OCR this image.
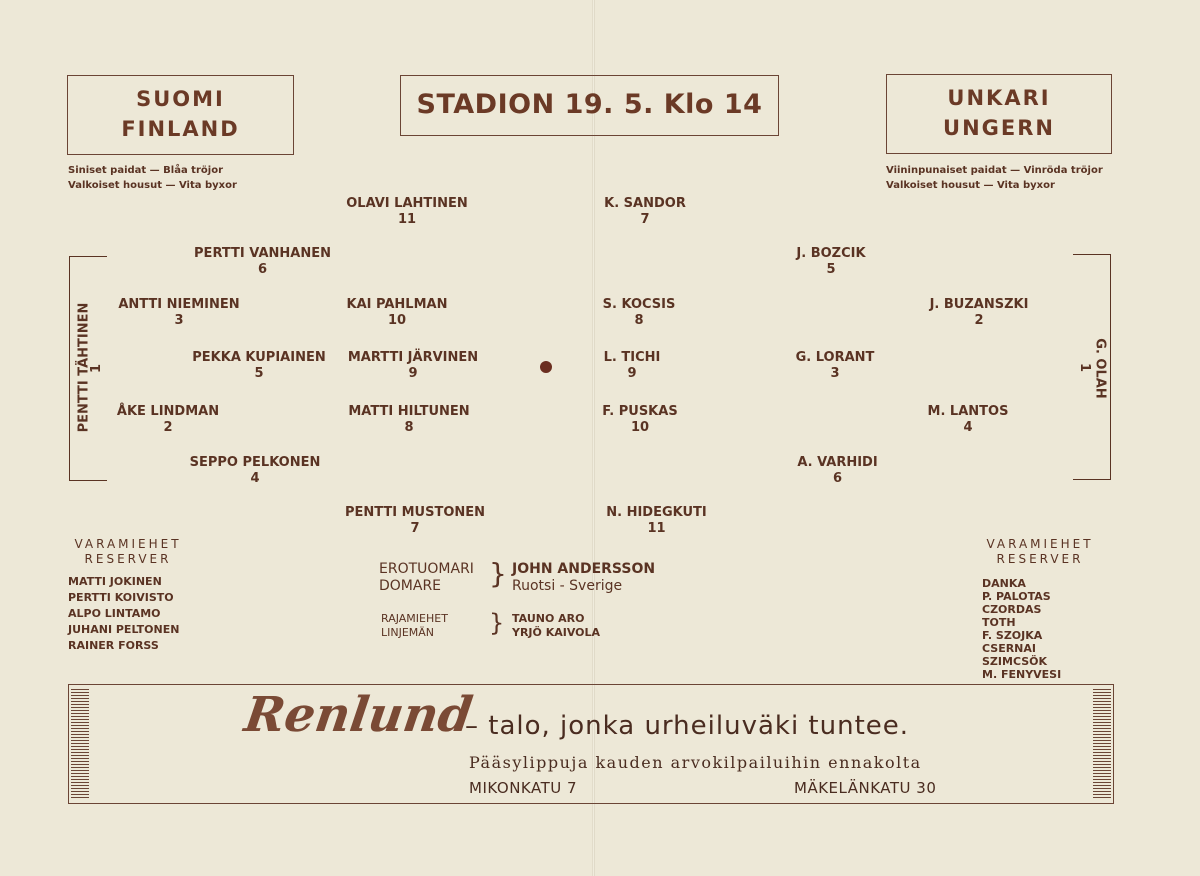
SUOMI
FINLAND
STADION 19. 5. Klo 14	UNKARI
UNGERN
Siniset paidat — Blåa tröjor
Valkoiset housut — Vita byxor
Viininpunaiset paidat — Vinröda tröjor
Valkoiset housut — Vita byxor
PENTTI TÄHTINEN
1
ANTTI NIEMINEN
3
ÅKE LINDMAN
2
PERTTI VANHANEN
6
PEKKA KUPIAINEN
5
SEPPO PELKONEN
4
KAI PAHLMAN
10
MATTI HILTUNEN
8
OLAVI LAHTINEN
11
MARTTI JÄRVINEN
9
PENTTI MUSTONEN
7
K. SANDOR
7
S. KOCSIS
8
L. TICHI
9
F. PUSKAS
10
N. HIDEGKUTI
11
J. BOZCIK
5
G. LORANT
3
A. VARHIDI
6
J. BUZANSZKI
2
M. LANTOS
4
G. OLAH
1
VARAMIEHET
RESERVER
MATTI JOKINEN
PERTTI KOIVISTO
ALPO LINTAMO
JUHANI PELTONEN
RAINER FORSS
VARAMIEHET
RESERVER
DANKA
P. PALOTAS
CZORDAS
TOTH
F. SZOJKA
CSERNAI
SZIMCSÖK
M. FENYVESI
EROTUOMARI
DOMARE	} JOHN ANDERSSON
Ruotsi - Sverige
RAJAMIEHET
LINJEMÄN	} TAUNO ARO
YRJÖ KAIVOLA
Renlund
– talo, jonka urheiluväki tuntee.
Pääsylippuja kauden arvokilpailuihin ennakolta
MIKONKATU 7	MÄKELÄNKATU 30
